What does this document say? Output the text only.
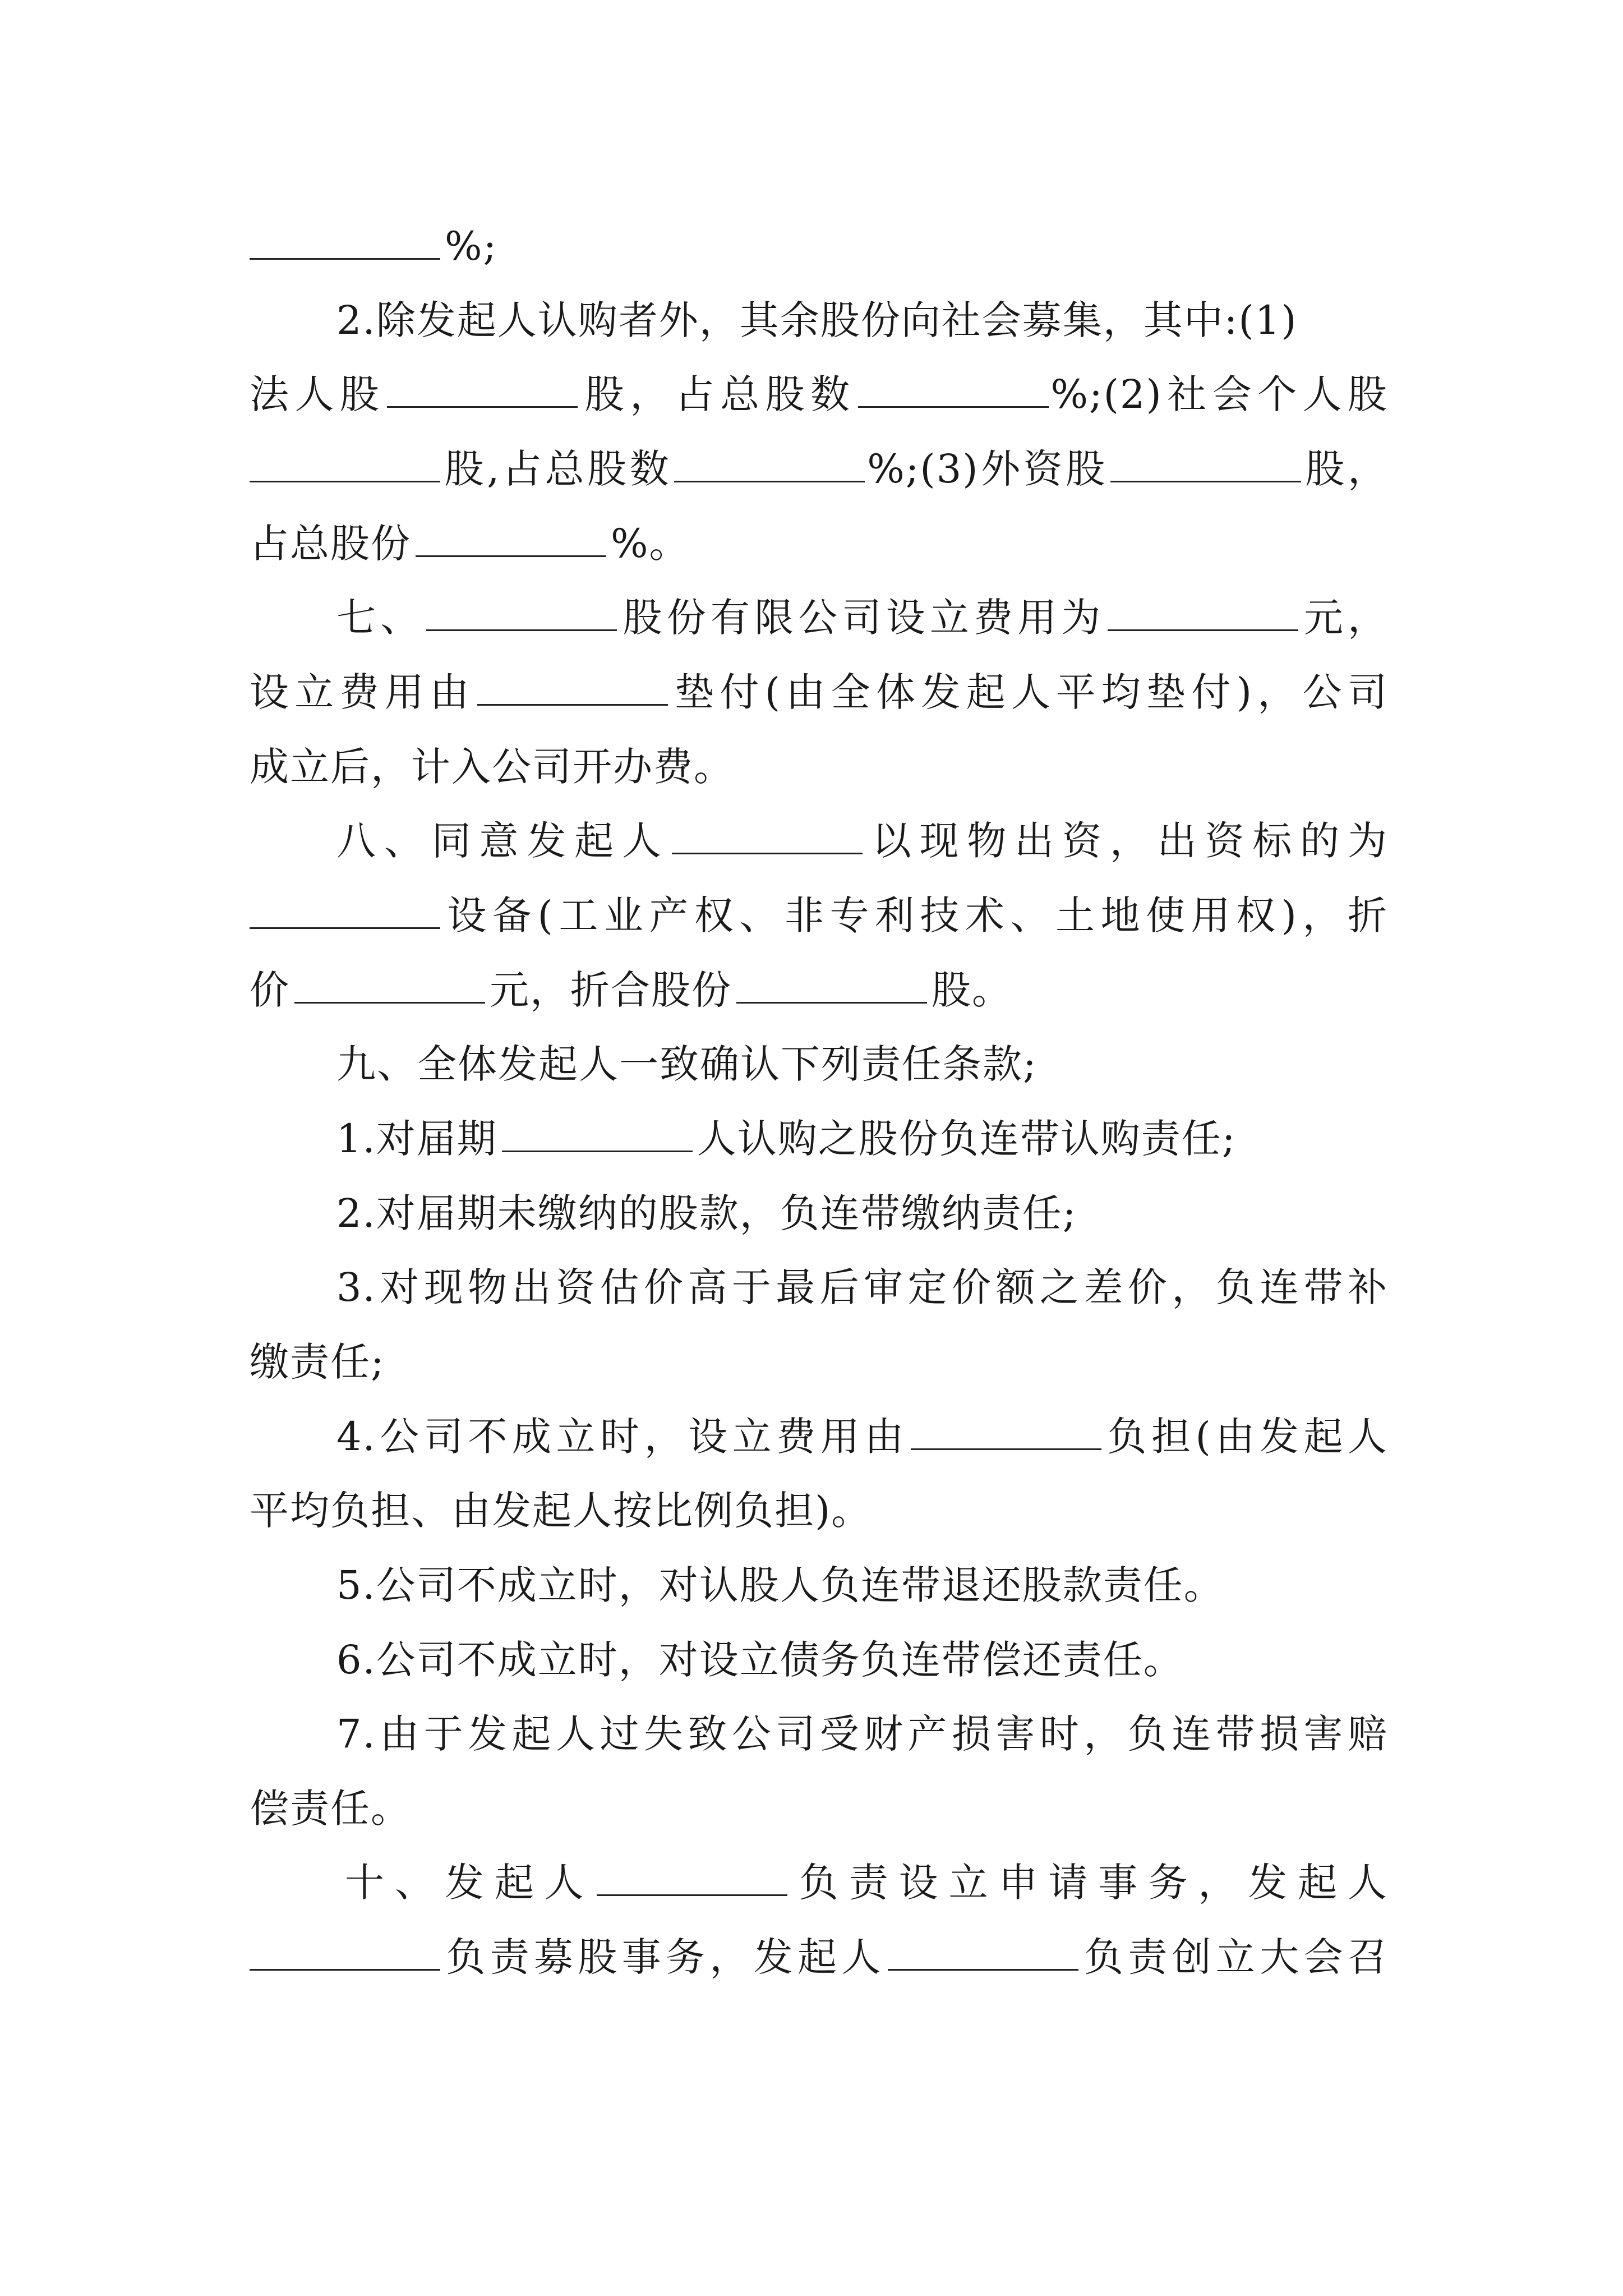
%;
2.除发起人认购者外，其余股份向社会募集，其中:(1)
法人股	股，占总股数	%;(2)社会个人股
股,占总股数	%;(3)外资股	股，
占总股份	%。
七、	股份有限公司设立费用为	元，
设立费用由	垫付(由全体发起人平均垫付)，公司
成立后，计入公司开办费。
八、同意发起人	以现物出资，出资标的为
设备(工业产权、非专利技术、土地使用权)，折
价	元，折合股份	股。
九、全体发起人一致确认下列责任条款;
1.对届期	人认购之股份负连带认购责任;
2.对届期未缴纳的股款，负连带缴纳责任;
3.对现物出资估价高于最后审定价额之差价，负连带补
缴责任;
4.公司不成立时，设立费用由	负担(由发起人
平均负担、由发起人按比例负担)。
5.公司不成立时，对认股人负连带退还股款责任。
6.公司不成立时，对设立债务负连带偿还责任。
7.由于发起人过失致公司受财产损害时，负连带损害赔
偿责任。
十、发起人	负责设立申请事务，发起人
负责募股事务，发起人	负责创立大会召
